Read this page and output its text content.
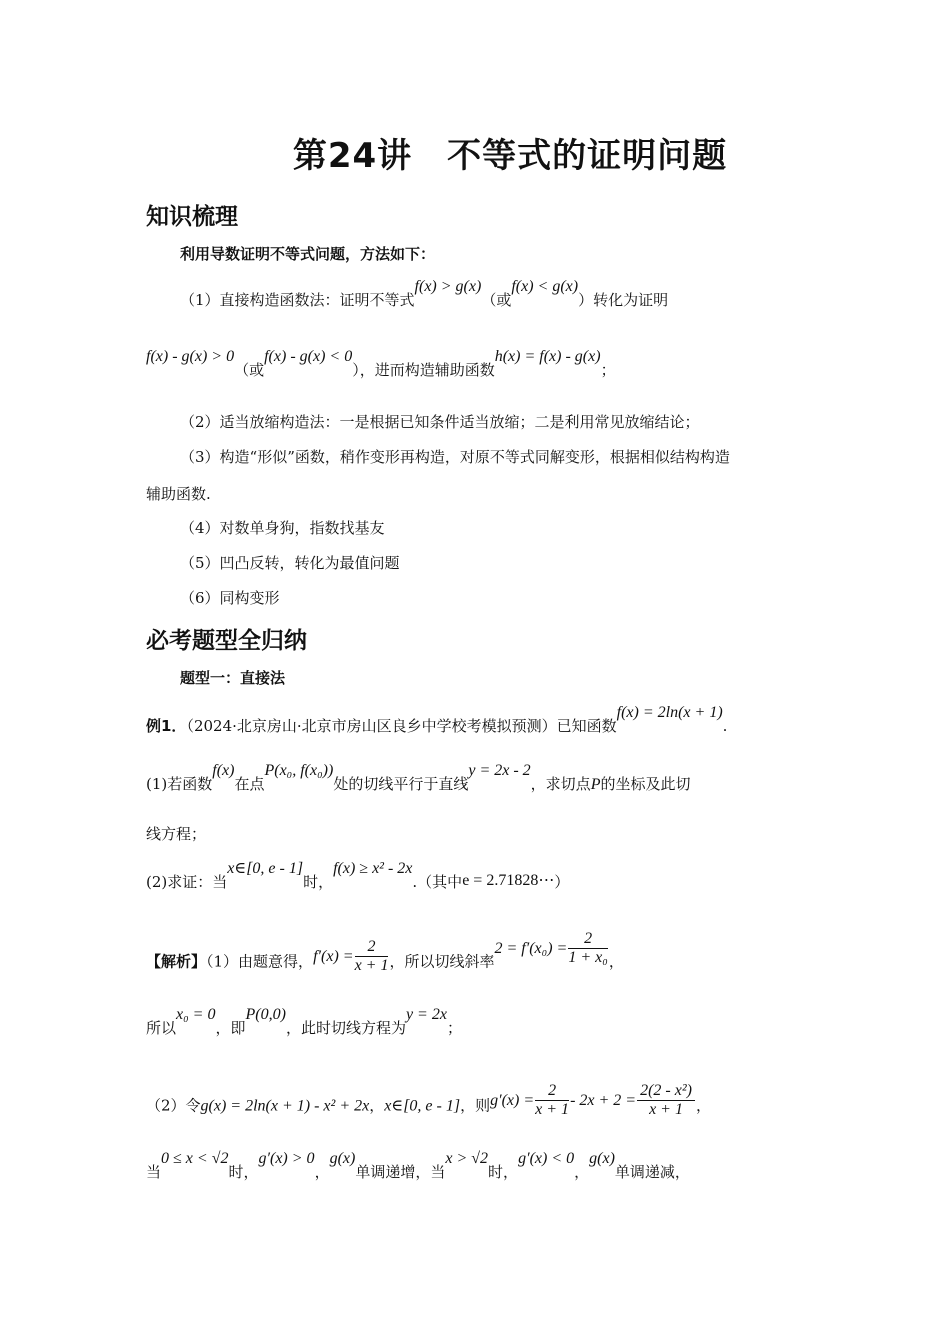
第24讲　不等式的证明问题
知识梳理
利用导数证明不等式问题，方法如下：
（1）直接构造函数法：证明不等式f(x) > g(x)（或f(x) < g(x)）转化为证明
f(x) - g(x) > 0（或f(x) - g(x) < 0），进而构造辅助函数h(x) = f(x) - g(x)；
（2）适当放缩构造法：一是根据已知条件适当放缩；二是利用常见放缩结论；
（3）构造“形似”函数，稍作变形再构造，对原不等式同解变形，根据相似结构构造
辅助函数.
（4）对数单身狗，指数找基友
（5）凹凸反转，转化为最值问题
（6）同构变形
必考题型全归纳
题型一：直接法
例1．（2024·北京房山·北京市房山区良乡中学校考模拟预测）已知函数f(x) = 2ln(x + 1).
(1)若函数f(x)在点P(x₀, f(x₀))处的切线平行于直线y = 2x - 2，求切点P的坐标及此切
线方程；
(2)求证：当x∈[0, e - 1]时，f(x) ≥ x² - 2x.（其中e = 2.71828⋯）
【解析】（1）由题意得，$f'(x) = \frac{2}{x + 1}$ ，所以切线斜率$2 = f'(x_0) = \frac{2}{\text{1 + x₀}}$ ，
所以x₀ = 0，即P(0,0)，此时切线方程为y = 2x；
（2）令g(x) = 2ln(x + 1) - x² + 2x，x∈[0, e - 1]，则$g'(x) = \frac{2}{x + 1} - 2x + 2 = \frac{\text{2(2 - x²)}}{x + 1}$ ，
当0 ≤ x < √2时，g′(x) > 0，g(x)单调递增，当x > √2时，g′(x) < 0，g(x)单调递减，
